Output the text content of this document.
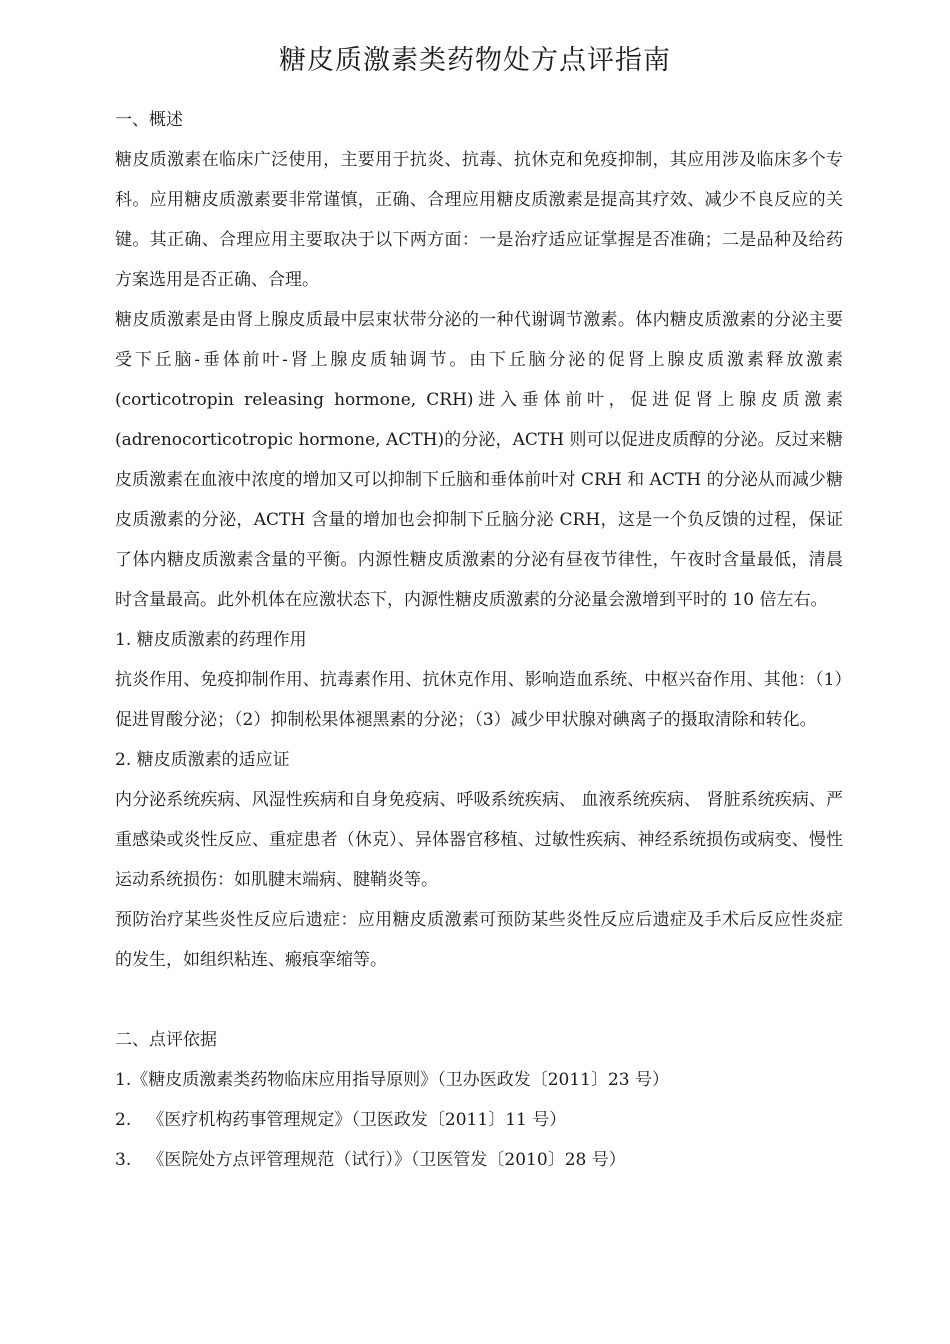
糖皮质激素类药物处方点评指南

一、概述

糖皮质激素在临床广泛使用，主要用于抗炎、抗毒、抗休克和免疫抑制，其应用涉及临床多个专科。应用糖皮质激素要非常谨慎，正确、合理应用糖皮质激素是提高其疗效、减少不良反应的关键。其正确、合理应用主要取决于以下两方面：一是治疗适应证掌握是否准确；二是品种及给药方案选用是否正确、合理。

糖皮质激素是由肾上腺皮质最中层束状带分泌的一种代谢调节激素。体内糖皮质激素的分泌主要受下丘脑-垂体前叶-肾上腺皮质轴调节。由下丘脑分泌的促肾上腺皮质激素释放激素(corticotropin releasing hormone, CRH)进入垂体前叶，促进促肾上腺皮质激素(adrenocorticotropic hormone, ACTH)的分泌，ACTH 则可以促进皮质醇的分泌。反过来糖皮质激素在血液中浓度的增加又可以抑制下丘脑和垂体前叶对 CRH 和 ACTH 的分泌从而减少糖皮质激素的分泌，ACTH 含量的增加也会抑制下丘脑分泌 CRH，这是一个负反馈的过程，保证了体内糖皮质激素含量的平衡。内源性糖皮质激素的分泌有昼夜节律性，午夜时含量最低，清晨时含量最高。此外机体在应激状态下，内源性糖皮质激素的分泌量会激增到平时的 10 倍左右。

1. 糖皮质激素的药理作用

抗炎作用、免疫抑制作用、抗毒素作用、抗休克作用、影响造血系统、中枢兴奋作用、其他：（1）促进胃酸分泌；（2）抑制松果体褪黑素的分泌；（3）减少甲状腺对碘离子的摄取清除和转化。

2. 糖皮质激素的适应证

内分泌系统疾病、风湿性疾病和自身免疫病、呼吸系统疾病、 血液系统疾病、 肾脏系统疾病、严重感染或炎性反应、重症患者（休克）、异体器官移植、过敏性疾病、神经系统损伤或病变、慢性运动系统损伤：如肌腱末端病、腱鞘炎等。

预防治疗某些炎性反应后遗症：应用糖皮质激素可预防某些炎性反应后遗症及手术后反应性炎症的发生，如组织粘连、瘢痕挛缩等。

二、点评依据

1.《糖皮质激素类药物临床应用指导原则》（卫办医政发〔2011〕23 号）

2.   《医疗机构药事管理规定》（卫医政发〔2011〕11 号）

3.   《医院处方点评管理规范（试行）》（卫医管发〔2010〕28 号）
